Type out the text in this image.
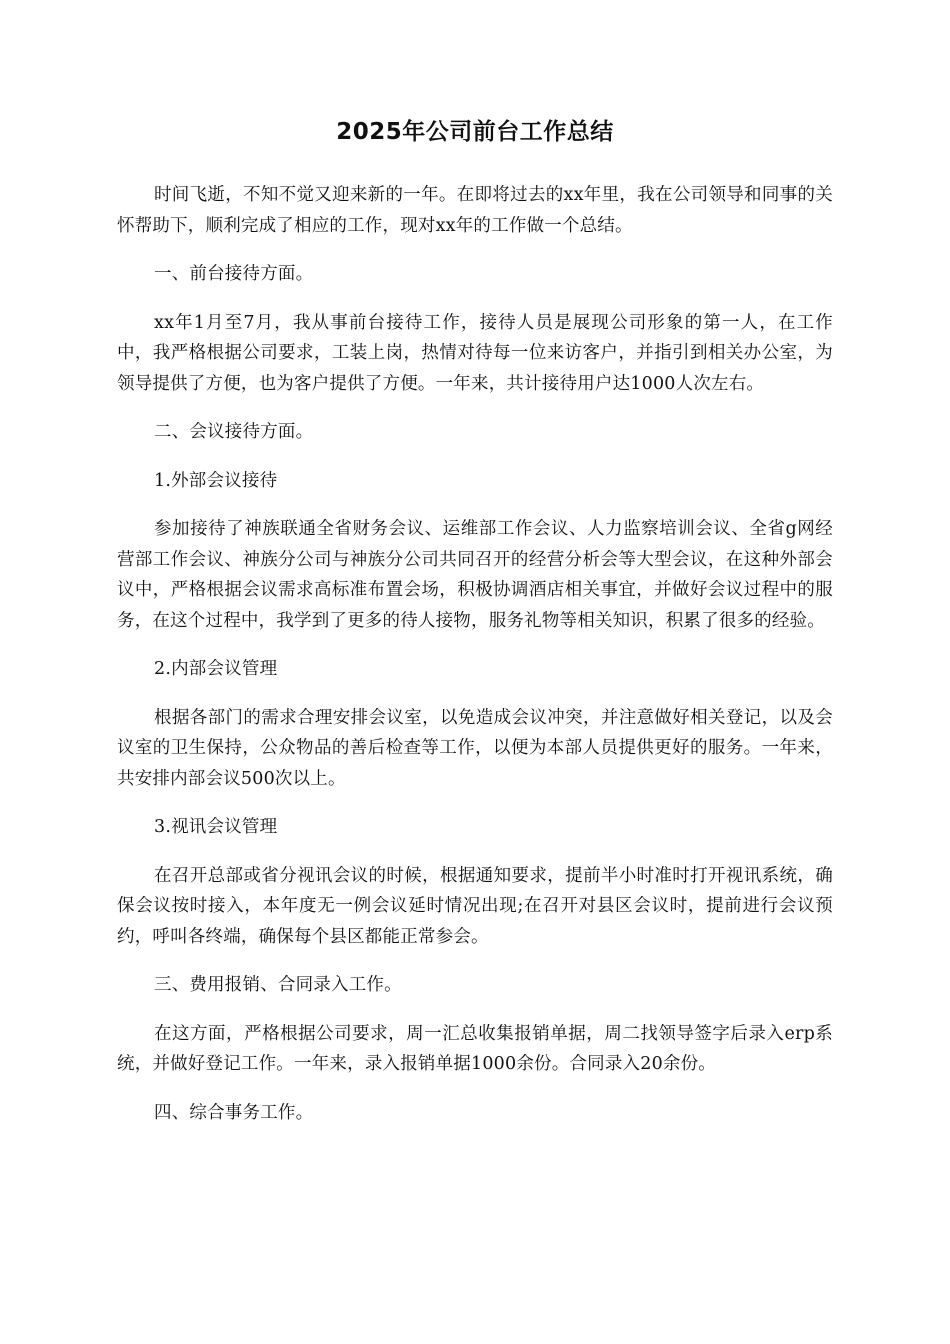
2025年公司前台工作总结

时间飞逝，不知不觉又迎来新的一年。在即将过去的xx年里，我在公司领导和同事的关怀帮助下，顺利完成了相应的工作，现对xx年的工作做一个总结。

一、前台接待方面。

xx年1月至7月，我从事前台接待工作，接待人员是展现公司形象的第一人，在工作中，我严格根据公司要求，工装上岗，热情对待每一位来访客户，并指引到相关办公室，为领导提供了方便，也为客户提供了方便。一年来，共计接待用户达1000人次左右。

二、会议接待方面。

1.外部会议接待

参加接待了神族联通全省财务会议、运维部工作会议、人力监察培训会议、全省g网经营部工作会议、神族分公司与神族分公司共同召开的经营分析会等大型会议，在这种外部会议中，严格根据会议需求高标准布置会场，积极协调酒店相关事宜，并做好会议过程中的服务，在这个过程中，我学到了更多的待人接物，服务礼物等相关知识，积累了很多的经验。

2.内部会议管理

根据各部门的需求合理安排会议室，以免造成会议冲突，并注意做好相关登记，以及会议室的卫生保持，公众物品的善后检查等工作，以便为本部人员提供更好的服务。一年来，共安排内部会议500次以上。

3.视讯会议管理

在召开总部或省分视讯会议的时候，根据通知要求，提前半小时准时打开视讯系统，确保会议按时接入，本年度无一例会议延时情况出现;在召开对县区会议时，提前进行会议预约，呼叫各终端，确保每个县区都能正常参会。

三、费用报销、合同录入工作。

在这方面，严格根据公司要求，周一汇总收集报销单据，周二找领导签字后录入erp系统，并做好登记工作。一年来，录入报销单据1000余份。合同录入20余份。

四、综合事务工作。
